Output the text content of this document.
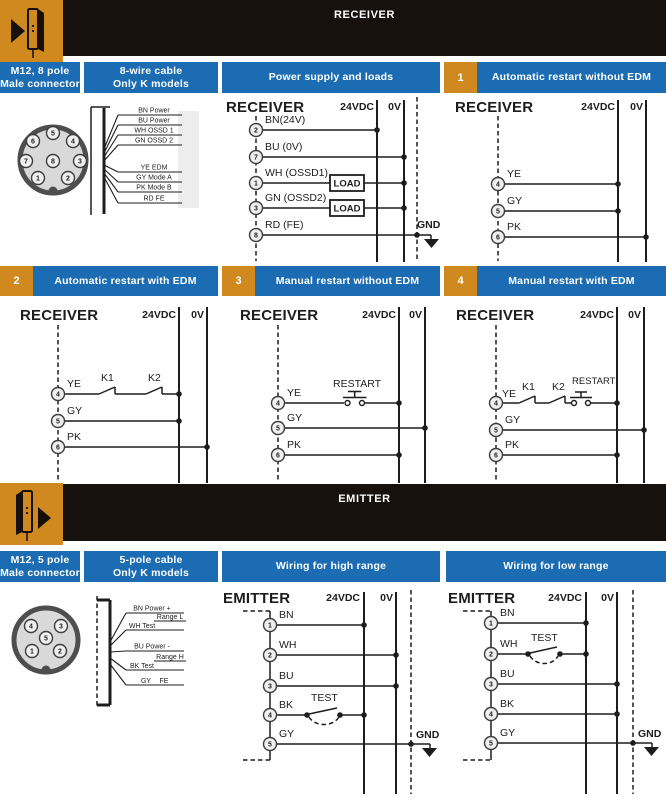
RECEIVER
M12, 8 pole
Male connector
8-wire cable
Only K models
Power supply and loads	1	Automatic restart without EDM
5
6	4
7	3
8
1	2
BN Power
BU Power
WH OSSD 1
GN OSSD 2
YE EDM
GY Mode A
PK Mode B
RD FE
RECEIVER	24VDC 0V
BN(24V)
2
BU (0V)
7
WH (OSSD1)
LOAD
1
GN (OSSD2)
LOAD
3
RD (FE)
8
GND
RECEIVER	24VDC 0V
YE
4
GY
5
PK
6
2	Automatic restart with EDM	3	Manual restart without EDM	4	Manual restart with EDM
RECEIVER	24VDC 0V
YE K1	K2
4
GY
5
PK
6
RECEIVER	24VDC 0V
YE
RESTART
4
GY
5
PK
6
RECEIVER	24VDC 0V
YE
K1 K2 RESTART
4
GY
5
PK
6
EMITTER
M12, 5 pole
Male connector
5-pole cable
Only K models
Wiring for high range	Wiring for low range
4	3
5
1	2
BN Power +
Range L
WH Test
BU Power -
Range H
BK Test
GY FE
EMITTER	24VDC 0V
BN
1
WH
2
BU
3
BK
TEST
4
GY
5
GND
EMITTER	24VDC 0V
BN
1
WH TEST
2
BU
3
BK
4
GY
5
GND
